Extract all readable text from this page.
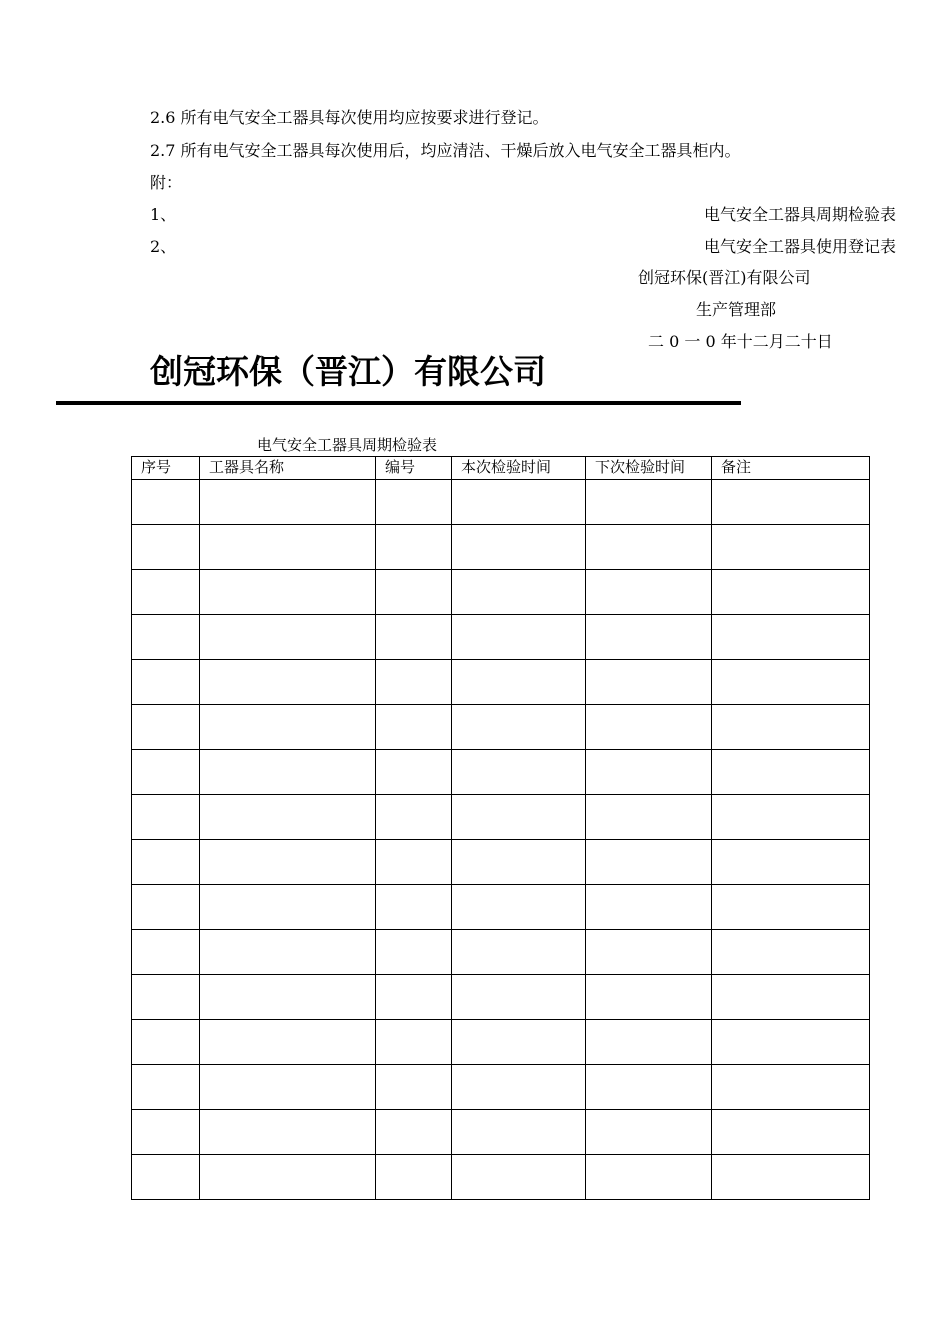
2.6 所有电气安全工器具每次使用均应按要求进行登记。
2.7 所有电气安全工器具每次使用后，均应清洁、干燥后放入电气安全工器具柜内。
附：
1、	电气安全工器具周期检验表
2、	电气安全工器具使用登记表
创冠环保(晋江)有限公司
生产管理部
二 0 一 0 年十二月二十日
创冠环保（晋江）有限公司
电气安全工器具周期检验表
序号	工器具名称	编号	本次检验时间	下次检验时间	备注
